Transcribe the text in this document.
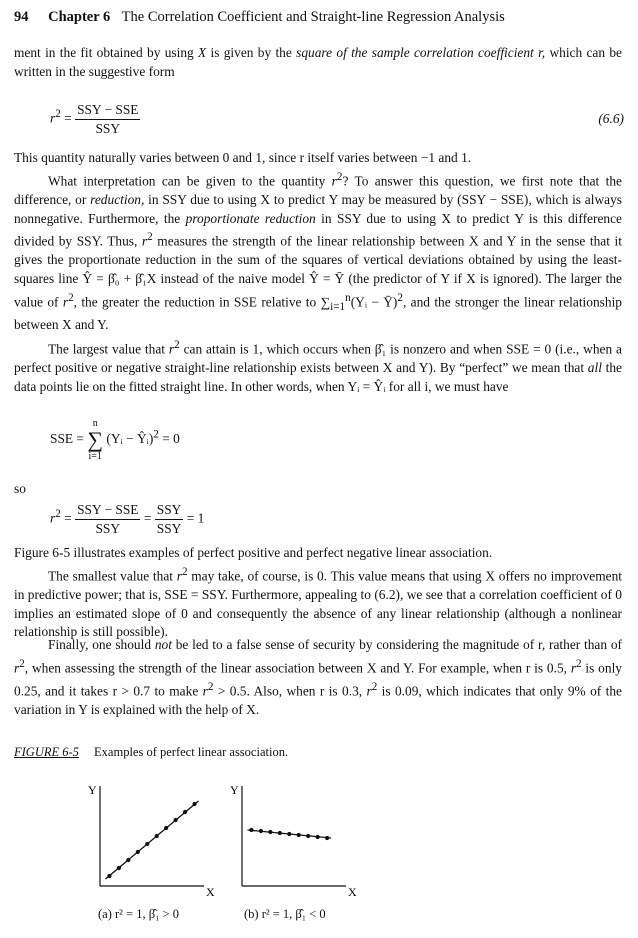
94 Chapter 6 The Correlation Coefficient and Straight-line Regression Analysis
ment in the fit obtained by using X is given by the square of the sample correlation coefficient r, which can be written in the suggestive form
$r^2 = \frac{\text{SSY − SSE}}{\text{SSY}}$	(6.6)
This quantity naturally varies between 0 and 1, since r itself varies between −1 and 1.
What interpretation can be given to the quantity $r^2$? To answer this question, we first note that the difference, or reduction, in SSY due to using X to predict Y may be measured by (SSY − SSE), which is always nonnegative. Furthermore, the proportionate reduction in SSY due to using X to predict Y is this difference divided by SSY. Thus, $r^2$ measures the strength of the linear relationship between X and Y in the sense that it gives the proportionate reduction in the sum of the squares of vertical deviations obtained by using the least-squares line Ŷ = β̂₀ + β̂₁X instead of the naive model Ŷ = Ȳ (the predictor of Y if X is ignored). The larger the value of $r^2$, the greater the reduction in SSE relative to $\sum_{i=1}^n(Yᵢ$ − Ȳ)$^2$, and the stronger the linear relationship between X and Y.
The largest value that $r^2$ can attain is 1, which occurs when β̂₁ is nonzero and when SSE = 0 (i.e., when a perfect positive or negative straight-line relationship exists between X and Y). By “perfect” we mean that all the data points lie on the fitted straight line. In other words, when Yᵢ = Ŷᵢ for all i, we must have
SSE =
n
∑
i=1
(Yᵢ − Ŷᵢ)$^2$ = 0
so
$r^2 = \frac{\text{SSY − SSE}}{\text{SSY}} = \frac{\text{SSY}}{\text{SSY}} = 1$
Figure 6-5 illustrates examples of perfect positive and perfect negative linear association.
The smallest value that $r^2$ may take, of course, is 0. This value means that using X offers no improvement in predictive power; that is, SSE = SSY. Furthermore, appealing to (6.2), we see that a correlation coefficient of 0 implies an estimated slope of 0 and consequently the absence of any linear relationship (although a nonlinear relationship is still possible).
Finally, one should not be led to a false sense of security by considering the magnitude of r, rather than of $r^2$, when assessing the strength of the linear association between X and Y. For example, when r is 0.5, $r^2$ is only 0.25, and it takes r > 0.7 to make $r^2 > 0.5$. Also, when r is 0.3, $r^2$ is 0.09, which indicates that only 9% of the variation in Y is explained with the help of X.
FIGURE 6-5 Examples of perfect linear association.
Y
X
(a) r² = 1, β̂₁ > 0
Y
X
(b) r² = 1, β̂₁ < 0
